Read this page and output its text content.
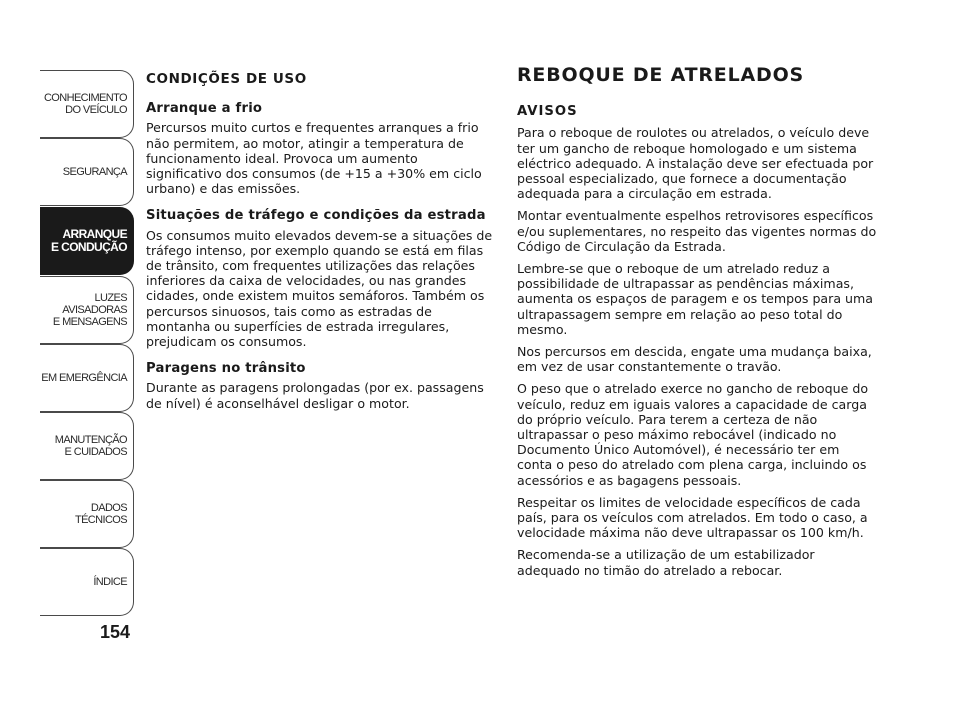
CONHECIMENTO
DO VEÍCULO
SEGURANÇA
ARRANQUE
E CONDUÇÃO
LUZES
AVISADORAS
E MENSAGENS
EM EMERGÊNCIA
MANUTENÇÃO
E CUIDADOS
DADOS
TÉCNICOS
ÍNDICE
154
CONDIÇÕES DE USO
Arranque a frio

Percursos muito curtos e frequentes arranques a frio não permitem, ao motor, atingir a temperatura de funcionamento ideal. Provoca um aumento significativo dos consumos (de +15 a +30% em ciclo urbano) e das emissões.

Situações de tráfego e condições da estrada

Os consumos muito elevados devem-se a situações de tráfego intenso, por exemplo quando se está em filas de trânsito, com frequentes utilizações das relações inferiores da caixa de velocidades, ou nas grandes cidades, onde existem muitos semáforos. Também os percursos sinuosos, tais como as estradas de montanha ou superfícies de estrada irregulares, prejudicam os consumos.

Paragens no trânsito

Durante as paragens prolongadas (por ex. passagens de nível) é aconselhável desligar o motor.

REBOQUE DE ATRELADOS
AVISOS

Para o reboque de roulotes ou atrelados, o veículo deve ter um gancho de reboque homologado e um sistema eléctrico adequado. A instalação deve ser efectuada por pessoal especializado, que fornece a documentação adequada para a circulação em estrada.

Montar eventualmente espelhos retrovisores específicos e/ou suplementares, no respeito das vigentes normas do Código de Circulação da Estrada.

Lembre-se que o reboque de um atrelado reduz a possibilidade de ultrapassar as pendências máximas, aumenta os espaços de paragem e os tempos para uma ultrapassagem sempre em relação ao peso total do mesmo.

Nos percursos em descida, engate uma mudança baixa, em vez de usar constantemente o travão.

O peso que o atrelado exerce no gancho de reboque do veículo, reduz em iguais valores a capacidade de carga do próprio veículo. Para terem a certeza de não ultrapassar o peso máximo rebocável (indicado no Documento Único Automóvel), é necessário ter em conta o peso do atrelado com plena carga, incluindo os acessórios e as bagagens pessoais.

Respeitar os limites de velocidade específicos de cada país, para os veículos com atrelados. Em todo o caso, a velocidade máxima não deve ultrapassar os 100 km/h.

Recomenda-se a utilização de um estabilizador adequado no timão do atrelado a rebocar.
